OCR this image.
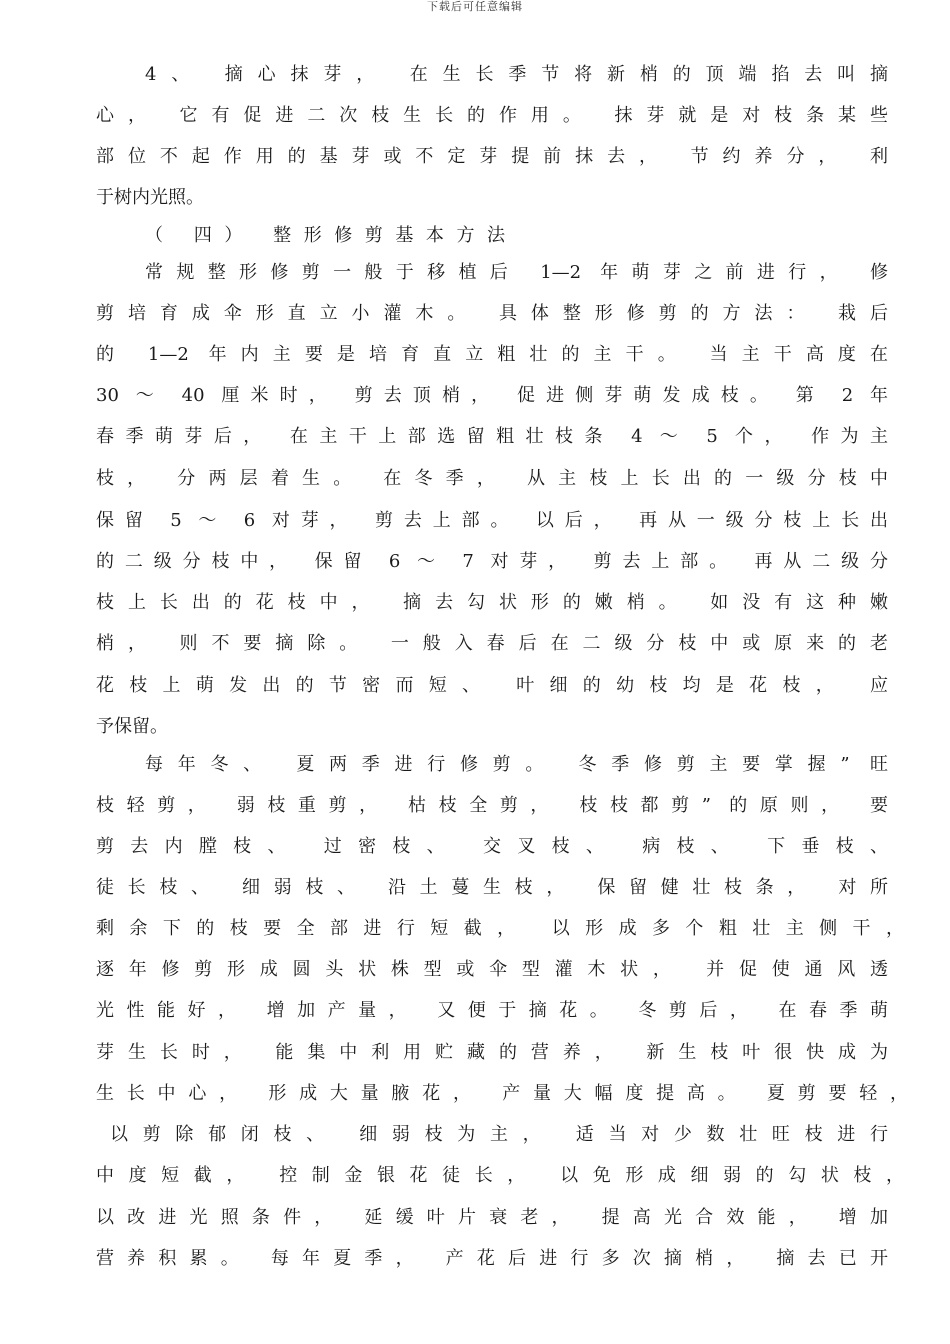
下载后可任意编辑
4、 摘心抹芽， 在生长季节将新梢的顶端掐去叫摘
心， 它有促进二次枝生长的作用。 抹芽就是对枝条某些
部位不起作用的基芽或不定芽提前抹去， 节约养分， 利
于树内光照。
（ 四） 整形修剪基本方法
常规整形修剪一般于移植后 1—2 年萌芽之前进行， 修
剪培育成伞形直立小灌木。 具体整形修剪的方法： 栽后
的 1—2 年内主要是培育直立粗壮的主干。 当主干高度在
30 ～ 40 厘米时， 剪去顶梢， 促进侧芽萌发成枝。 第 2 年
春季萌芽后， 在主干上部选留粗壮枝条 4 ～ 5 个， 作为主
枝， 分两层着生。 在冬季， 从主枝上长出的一级分枝中
保留 5 ～ 6 对芽， 剪去上部。 以后， 再从一级分枝上长出
的二级分枝中， 保留 6 ～ 7 对芽， 剪去上部。 再从二级分
枝上长出的花枝中， 摘去勾状形的嫩梢。 如没有这种嫩
梢， 则不要摘除。 一般入春后在二级分枝中或原来的老
花枝上萌发出的节密而短、 叶细的幼枝均是花枝， 应
予保留。
每年冬、 夏两季进行修剪。 冬季修剪主要掌握” 旺
枝轻剪， 弱枝重剪， 枯枝全剪， 枝枝都剪” 的原则， 要
剪去内膛枝、 过密枝、 交叉枝、 病枝、 下垂枝、
徒长枝、 细弱枝、 沿土蔓生枝， 保留健壮枝条， 对所
剩余下的枝要全部进行短截， 以形成多个粗壮主侧干，
逐年修剪形成圆头状株型或伞型灌木状， 并促使通风透
光性能好， 增加产量， 又便于摘花。 冬剪后， 在春季萌
芽生长时， 能集中利用贮藏的营养， 新生枝叶很快成为
生长中心， 形成大量腋花， 产量大幅度提高。 夏剪要轻，
以剪除郁闭枝、 细弱枝为主， 适当对少数壮旺枝进行
中度短截， 控制金银花徒长， 以免形成细弱的勾状枝，
以改进光照条件， 延缓叶片衰老， 提高光合效能， 增加
营养积累。 每年夏季， 产花后进行多次摘梢， 摘去已开
